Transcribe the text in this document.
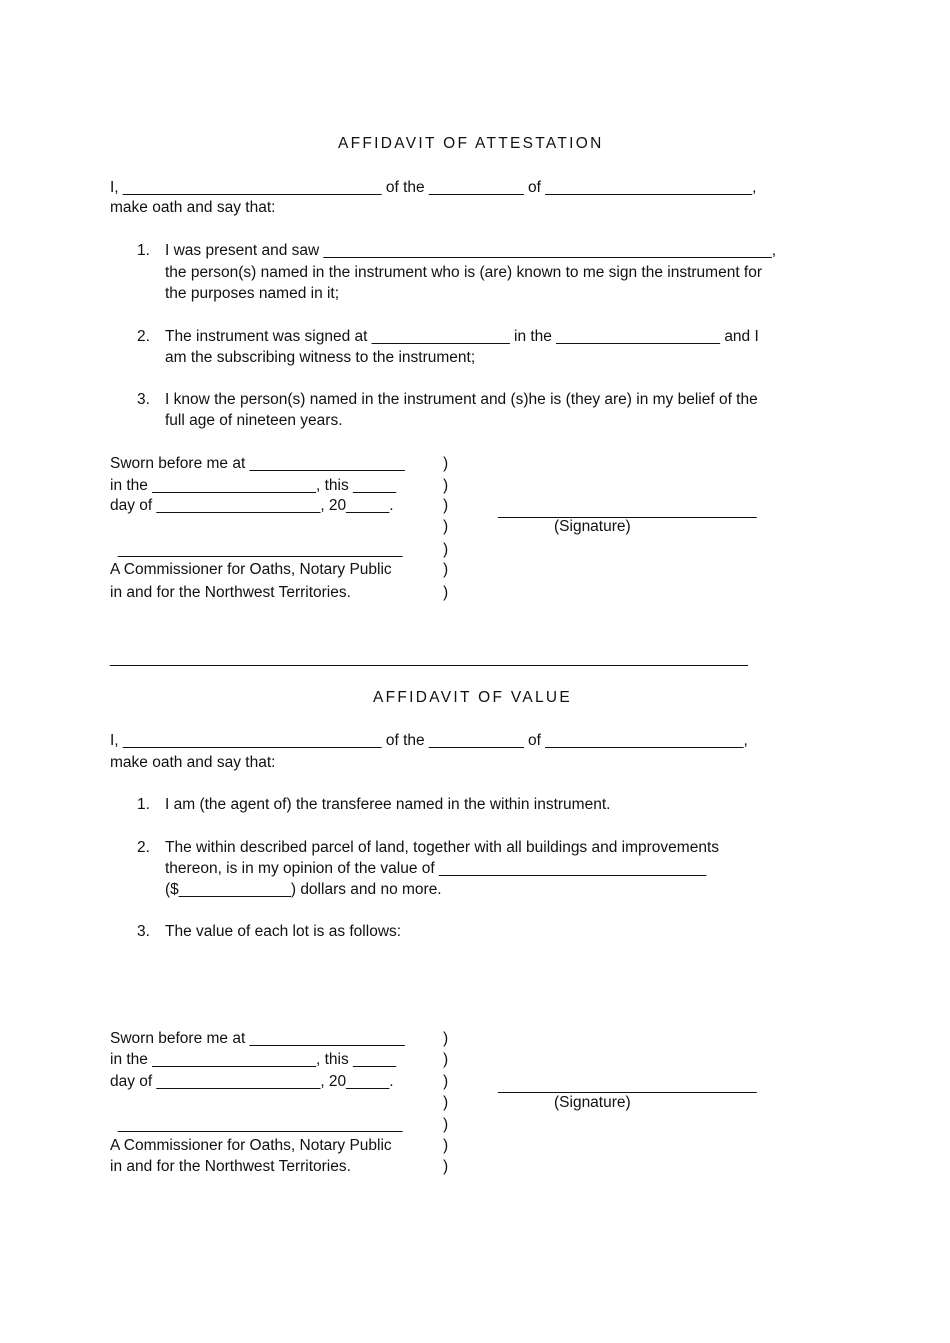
AFFIDAVIT OF ATTESTATION
I, ______________________________ of the ___________ of ________________________,
make oath and say that:
1. I was present and saw ____________________________________________________,
the person(s) named in the instrument who is (are) known to me sign the instrument for
the purposes named in it;
2. The instrument was signed at ________________ in the ___________________ and I
am the subscribing witness to the instrument;
3. I know the person(s) named in the instrument and (s)he is (they are) in my belief of the
full age of nineteen years.
Sworn before me at __________________
in the ___________________, this _____
day of ___________________, 20_____.
_________________________________
A Commissioner for Oaths, Notary Public
in and for the Northwest Territories.
)
)
)
)
)
)
)
______________________________
(Signature)
__________________________________________________________________________
AFFIDAVIT OF VALUE
I, ______________________________ of the ___________ of _______________________,
make oath and say that:
1. I am (the agent of) the transferee named in the within instrument.
2. The within described parcel of land, together with all buildings and improvements
thereon, is in my opinion of the value of _______________________________
($_____________) dollars and no more.
3. The value of each lot is as follows:
Sworn before me at __________________
in the ___________________, this _____
day of ___________________, 20_____.
_________________________________
A Commissioner for Oaths, Notary Public
in and for the Northwest Territories.
)
)
)
)
)
)
)
______________________________
(Signature)
